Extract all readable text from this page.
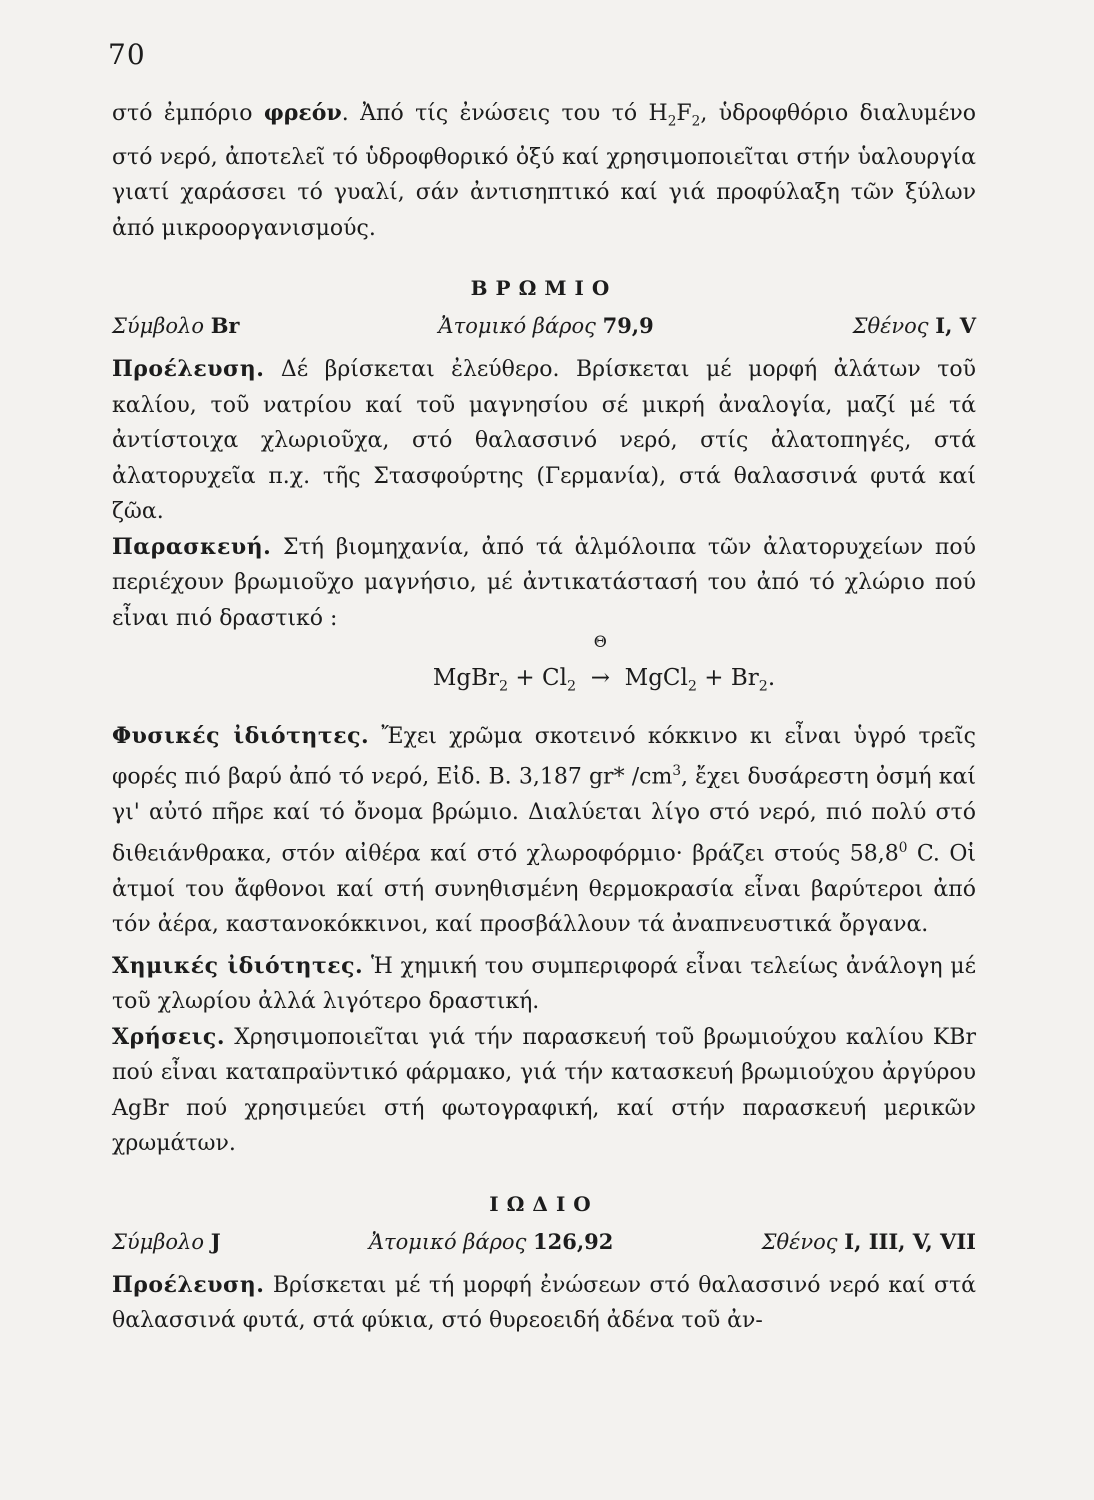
70

στό ἐμπόριο φρεόν. Ἀπό τίς ἐνώσεις του τό $H_2F_2$, ὑδροφθόριο διαλυμένο στό νερό, ἀποτελεῖ τό ὑδροφθορικό ὀξύ καί χρησιμοποιεῖται στήν ὑαλουργία γιατί χαράσσει τό γυαλί, σάν ἀντισηπτικό καί γιά προφύλαξη τῶν ξύλων ἀπό μικροοργανισμούς.

ΒΡΩΜΙΟ
Σύμβολο Br	Ἀτομικό βάρος 79,9	Σθένος I, V

Προέλευση. Δέ βρίσκεται ἐλεύθερο. Βρίσκεται μέ μορφή ἀλάτων τοῦ καλίου, τοῦ νατρίου καί τοῦ μαγνησίου σέ μικρή ἀναλογία, μαζί μέ τά ἀντίστοιχα χλωριοῦχα, στό θαλασσινό νερό, στίς ἀλατοπηγές, στά ἀλατορυχεῖα π.χ. τῆς Στασφούρτης (Γερμανία), στά θαλασσινά φυτά καί ζῶα.

Παρασκευή. Στή βιομηχανία, ἀπό τά ἁλμόλοιπα τῶν ἀλατορυχείων πού περιέχουν βρωμιοῦχο μαγνήσιο, μέ ἀντικατάστασή του ἀπό τό χλώριο πού εἶναι πιό δραστικό :

MgBr$_2$ + $Cl_2$
Θ
→ MgCl$_2$ + $Br_2$.

Φυσικές ἰδιότητες. Ἔχει χρῶμα σκοτεινό κόκκινο κι εἶναι ὑγρό τρεῖς φορές πιό βαρύ ἀπό τό νερό, Εἰδ. Β. 3,187 gr* $/cm^3$, ἔχει δυσάρεστη ὀσμή καί γι' αὐτό πῆρε καί τό ὄνομα βρώμιο. Διαλύεται λίγο στό νερό, πιό πολύ στό διθειάνθρακα, στόν αἰθέρα καί στό χλωροφόρμιο· βράζει στούς 58,8$^0$ C. Οἱ ἀτμοί του ἄφθονοι καί στή συνηθισμένη θερμοκρασία εἶναι βαρύτεροι ἀπό τόν ἀέρα, καστανοκόκκινοι, καί προσβάλλουν τά ἀναπνευστικά ὄργανα.

Χημικές ἰδιότητες. Ἡ χημική του συμπεριφορά εἶναι τελείως ἀνάλογη μέ τοῦ χλωρίου ἀλλά λιγότερο δραστική.

Χρήσεις. Χρησιμοποιεῖται γιά τήν παρασκευή τοῦ βρωμιούχου καλίου KBr πού εἶναι καταπραϋντικό φάρμακο, γιά τήν κατασκευή βρωμιούχου ἀργύρου AgBr πού χρησιμεύει στή φωτογραφική, καί στήν παρασκευή μερικῶν χρωμάτων.

ΙΩΔΙΟ
Σύμβολο J	Ἀτομικό βάρος 126,92	Σθένος I, III, V, VII

Προέλευση. Βρίσκεται μέ τή μορφή ἐνώσεων στό θαλασσινό νερό καί στά θαλασσινά φυτά, στά φύκια, στό θυρεοειδή ἀδένα τοῦ ἀν-
